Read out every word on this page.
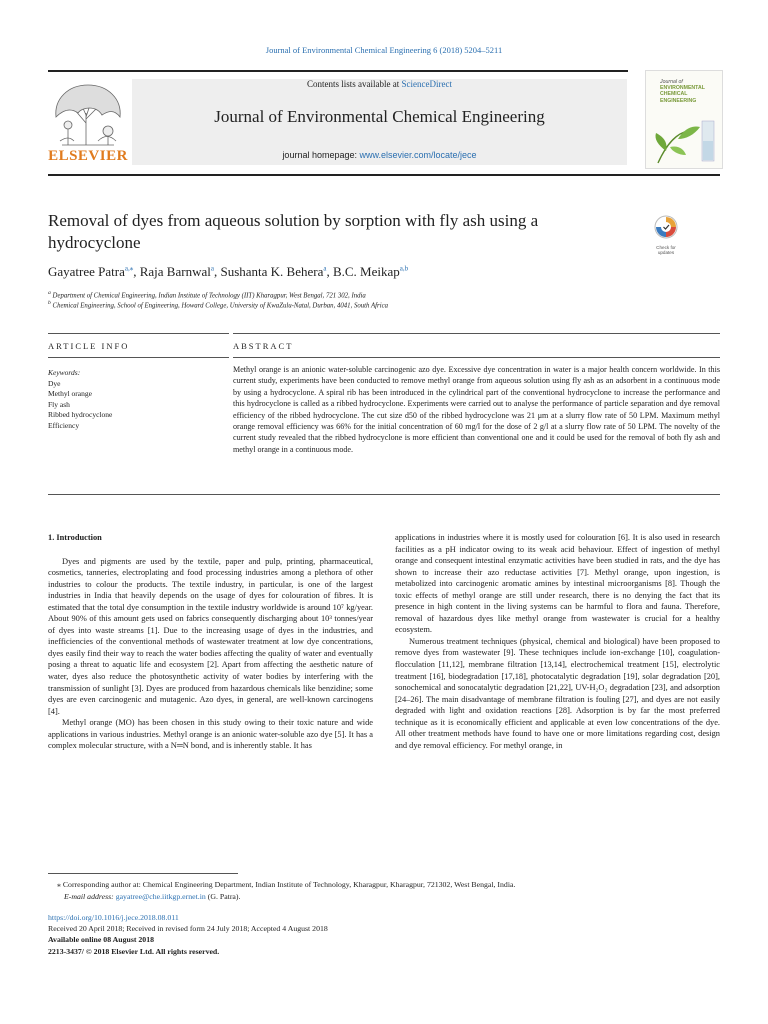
Journal of Environmental Chemical Engineering 6 (2018) 5204–5211
ELSEVIER
Contents lists available at ScienceDirect
Journal of Environmental Chemical Engineering
journal homepage: www.elsevier.com/locate/jece
Journal of
ENVIRONMENTAL
CHEMICAL
ENGINEERING
Removal of dyes from aqueous solution by sorption with fly ash using a hydrocyclone	Check for
updates
Gayatree Patra$^{a,⁎}$, Raja Barnwal$^a$, Sushanta K. Behera$^a$, B.C. Meikap$^{a,b}$
$^a$ Department of Chemical Engineering, Indian Institute of Technology (IIT) Kharagpur, West Bengal, 721 302, India
$^b$ Chemical Engineering, School of Engineering, Howard College, University of KwaZulu-Natal, Durban, 4041, South Africa
ARTICLE INFO	ABSTRACT
Keywords:
Dye
Methyl orange
Fly ash
Ribbed hydrocyclone
Efficiency
Methyl orange is an anionic water-soluble carcinogenic azo dye. Excessive dye concentration in water is a major health concern worldwide. In this current study, experiments have been conducted to remove methyl orange from aqueous solution using fly ash as an adsorbent in a continuous mode by using a hydrocyclone. A spiral rib has been introduced in the cylindrical part of the conventional hydrocyclone to increase the performance and this hydrocyclone is called as a ribbed hydrocyclone. Experiments were carried out to analyse the performance of particle separation and dye removal efficiency of the ribbed hydrocyclone. The cut size d50 of the ribbed hydrocyclone was 21 μm at a slurry flow rate of 50 LPM. Maximum methyl orange removal efficiency was 66% for the initial concentration of 60 mg/l for the dose of 2 g/l at a slurry flow rate of 50 LPM. The novelty of the current study revealed that the ribbed hydrocyclone is more efficient than conventional one and it could be used for the removal of both fly ash and methyl orange in a continuous mode.

1. Introduction

Dyes and pigments are used by the textile, paper and pulp, printing, pharmaceutical, cosmetics, tanneries, electroplating and food processing industries among a plethora of other industries to colour the products. The textile industry, in particular, is one of the largest industries in India that heavily depends on the usage of dyes for colouration of fibres. It is estimated that the total dye consumption in the textile industry worldwide is around 10⁷ kg/year. About 90% of this amount gets used on fabrics consequently discharging about 10³ tonnes/year of dyes into waste streams [1]. Due to the increasing usage of dyes in the industries, and inefficiencies of the conventional methods of wastewater treatment at low dye concentrations, dyes easily find their way to reach the water bodies affecting the quality of water and eventually posing a threat to aquatic life and ecosystem [2]. Apart from affecting the aesthetic nature of water, dyes also reduce the photosynthetic activity of water bodies by interfering with the transmission of sunlight [3]. Dyes are produced from hazardous chemicals like benzidine; some dyes are even carcinogenic and mutagenic. Azo dyes, in general, are well-known carcinogens [4].

Methyl orange (MO) has been chosen in this study owing to their toxic nature and wide applications in various industries. Methyl orange is an anionic water-soluble azo dye [5]. It has a complex molecular structure, with a N═N bond, and is inherently stable. It has

applications in industries where it is mostly used for colouration [6]. It is also used in research facilities as a pH indicator owing to its weak acid behaviour. Effect of ingestion of methyl orange and consequent intestinal enzymatic activities have been studied in rats, and the dye has shown to increase their azo reductase activities [7]. Methyl orange, upon ingestion, is metabolized into carcinogenic aromatic amines by intestinal microorganisms [8]. Though the toxic effects of methyl orange are still under research, there is no denying the fact that its presence in high content in the living systems can be harmful to flora and fauna. Therefore, removal of hazardous dyes like methyl orange from wastewater is crucial for a healthy ecosystem.

Numerous treatment techniques (physical, chemical and biological) have been proposed to remove dyes from wastewater [9]. These techniques include ion-exchange [10], coagulation-flocculation [11,12], membrane filtration [13,14], electrochemical treatment [15], electrolytic treatment [16], biodegradation [17,18], photocatalytic degradation [19], solar degradation [20], sonochemical and sonocatalytic degradation [21,22], UV-H₂O₂ degradation [23], and adsorption [24–26]. The main disadvantage of membrane filtration is fouling [27], and dyes are not easily degraded with light and oxidation reactions [28]. Adsorption is by far the most preferred technique as it is economically efficient and applicable at even low concentrations of the dye. All other treatment methods have found to have one or more limitations regarding cost, design and dye removal efficiency. For methyl orange, in

⁎ Corresponding author at: Chemical Engineering Department, Indian Institute of Technology, Kharagpur, Kharagpur, 721302, West Bengal, India.
E-mail address: gayatree@che.iitkgp.ernet.in (G. Patra).
https://doi.org/10.1016/j.jece.2018.08.011
Received 20 April 2018; Received in revised form 24 July 2018; Accepted 4 August 2018
Available online 08 August 2018
2213-3437/ © 2018 Elsevier Ltd. All rights reserved.
